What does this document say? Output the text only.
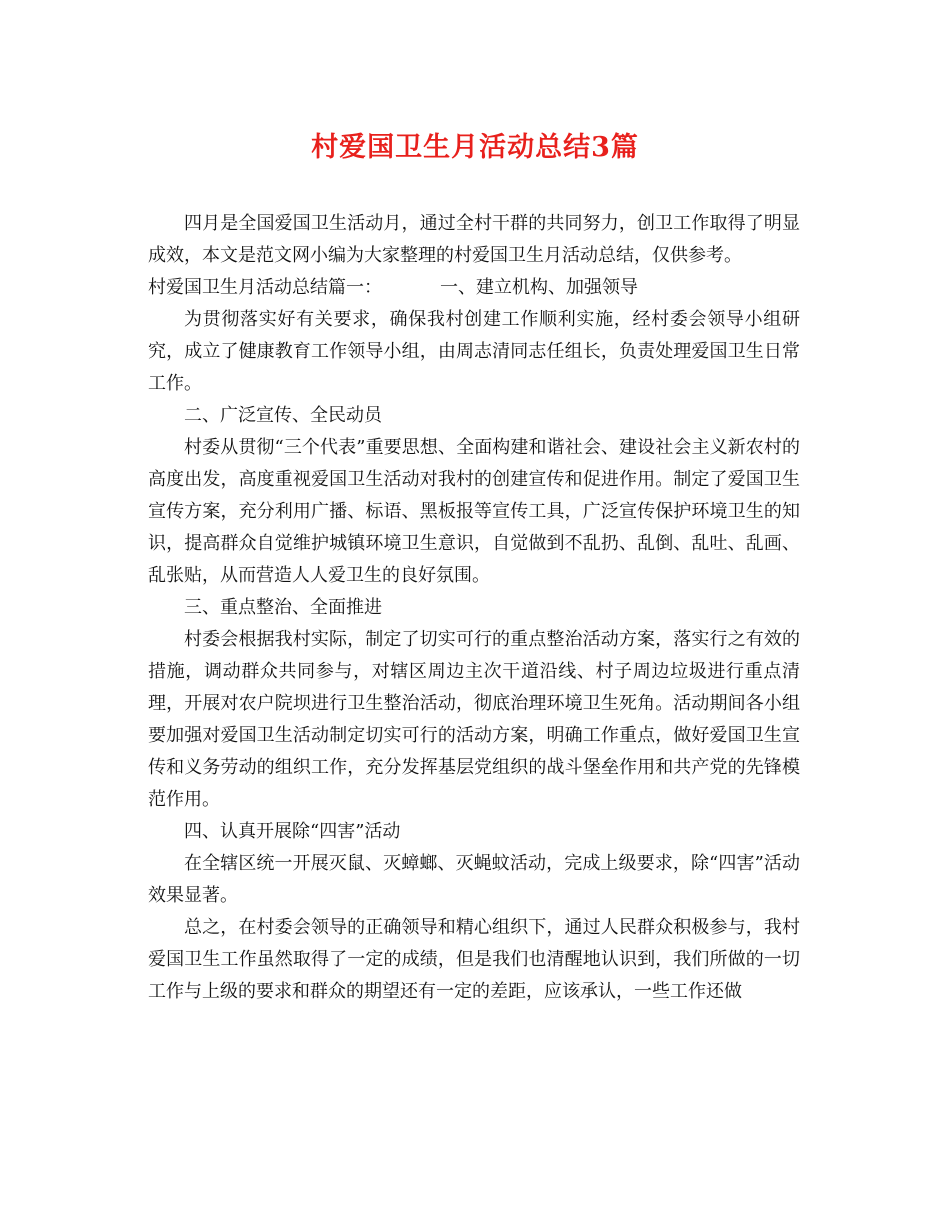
村爱国卫生月活动总结3篇

四月是全国爱国卫生活动月，通过全村干群的共同努力，创卫工作取得了明显成效，本文是范文网小编为大家整理的村爱国卫生月活动总结，仅供参考。

村爱国卫生月活动总结篇一：	一、建立机构、加强领导

为贯彻落实好有关要求，确保我村创建工作顺利实施，经村委会领导小组研究，成立了健康教育工作领导小组，由周志清同志任组长，负责处理爱国卫生日常工作。

二、广泛宣传、全民动员

村委从贯彻“三个代表”重要思想、全面构建和谐社会、建设社会主义新农村的高度出发，高度重视爱国卫生活动对我村的创建宣传和促进作用。制定了爱国卫生宣传方案，充分利用广播、标语、黑板报等宣传工具，广泛宣传保护环境卫生的知识，提高群众自觉维护城镇环境卫生意识，自觉做到不乱扔、乱倒、乱吐、乱画、乱张贴，从而营造人人爱卫生的良好氛围。

三、重点整治、全面推进

村委会根据我村实际，制定了切实可行的重点整治活动方案，落实行之有效的措施，调动群众共同参与，对辖区周边主次干道沿线、村子周边垃圾进行重点清理，开展对农户院坝进行卫生整治活动，彻底治理环境卫生死角。活动期间各小组要加强对爱国卫生活动制定切实可行的活动方案，明确工作重点，做好爱国卫生宣传和义务劳动的组织工作，充分发挥基层党组织的战斗堡垒作用和共产党的先锋模范作用。

四、认真开展除“四害”活动

在全辖区统一开展灭鼠、灭蟑螂、灭蝇蚊活动，完成上级要求，除“四害”活动效果显著。

总之，在村委会领导的正确领导和精心组织下，通过人民群众积极参与，我村爱国卫生工作虽然取得了一定的成绩，但是我们也清醒地认识到，我们所做的一切工作与上级的要求和群众的期望还有一定的差距，应该承认，一些工作还做
